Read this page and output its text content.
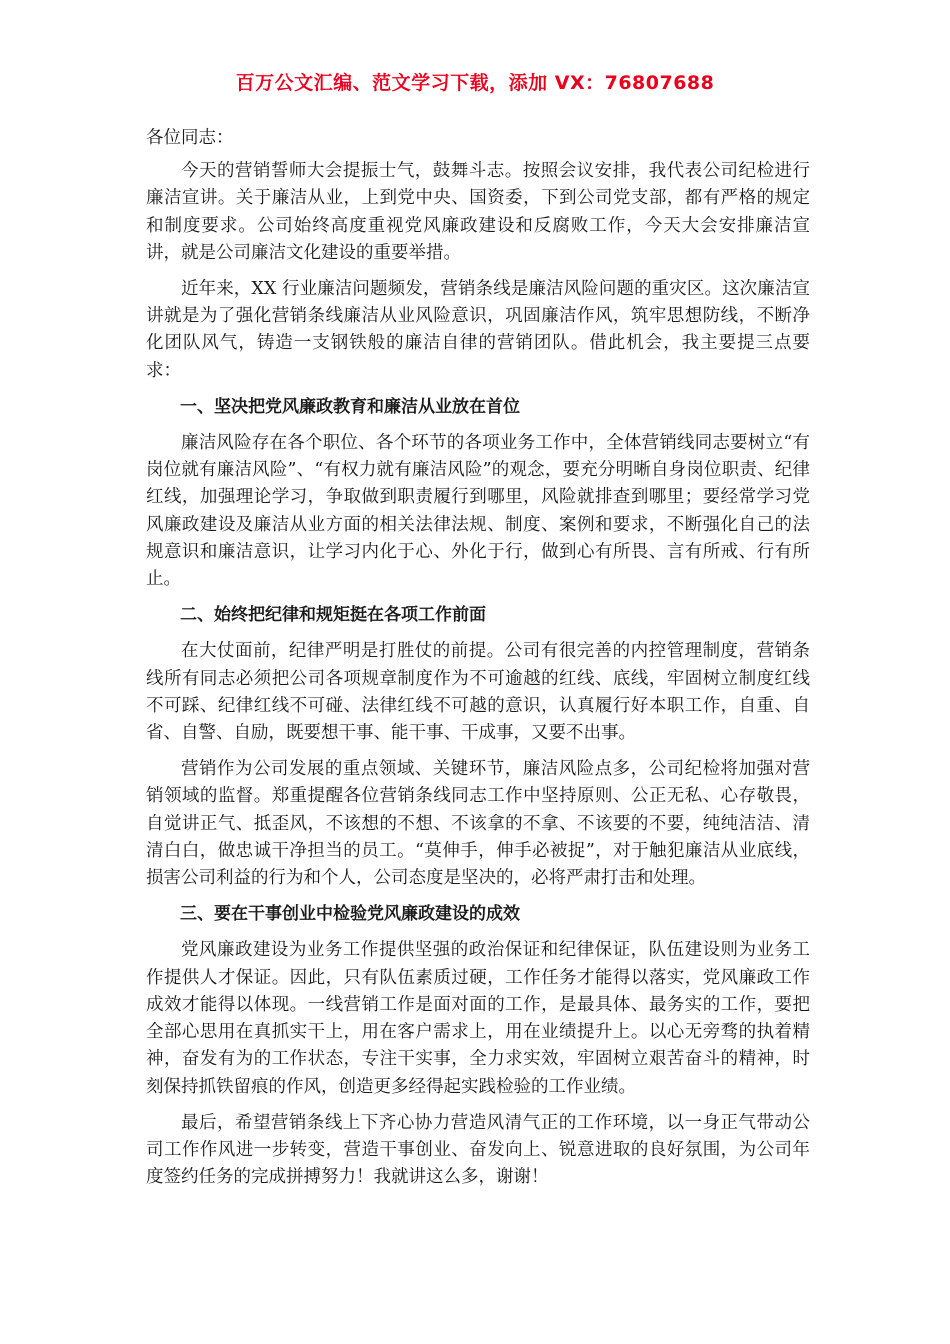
百万公文汇编、范文学习下载，添加 VX：76807688

各位同志：

今天的营销誓师大会提振士气，鼓舞斗志。按照会议安排，我代表公司纪检进行廉洁宣讲。关于廉洁从业，上到党中央、国资委，下到公司党支部，都有严格的规定和制度要求。公司始终高度重视党风廉政建设和反腐败工作，今天大会安排廉洁宣讲，就是公司廉洁文化建设的重要举措。

近年来，XX 行业廉洁问题频发，营销条线是廉洁风险问题的重灾区。这次廉洁宣讲就是为了强化营销条线廉洁从业风险意识，巩固廉洁作风，筑牢思想防线，不断净化团队风气，铸造一支钢铁般的廉洁自律的营销团队。借此机会，我主要提三点要求：

一、坚决把党风廉政教育和廉洁从业放在首位

廉洁风险存在各个职位、各个环节的各项业务工作中，全体营销线同志要树立“有岗位就有廉洁风险”、“有权力就有廉洁风险”的观念，要充分明晰自身岗位职责、纪律红线，加强理论学习，争取做到职责履行到哪里，风险就排查到哪里；要经常学习党风廉政建设及廉洁从业方面的相关法律法规、制度、案例和要求，不断强化自己的法规意识和廉洁意识，让学习内化于心、外化于行，做到心有所畏、言有所戒、行有所止。

二、始终把纪律和规矩挺在各项工作前面

在大仗面前，纪律严明是打胜仗的前提。公司有很完善的内控管理制度，营销条线所有同志必须把公司各项规章制度作为不可逾越的红线、底线，牢固树立制度红线不可踩、纪律红线不可碰、法律红线不可越的意识，认真履行好本职工作，自重、自省、自警、自励，既要想干事、能干事、干成事，又要不出事。

营销作为公司发展的重点领域、关键环节，廉洁风险点多，公司纪检将加强对营销领域的监督。郑重提醒各位营销条线同志工作中坚持原则、公正无私、心存敬畏，自觉讲正气、抵歪风，不该想的不想、不该拿的不拿、不该要的不要，纯纯洁洁、清清白白，做忠诚干净担当的员工。“莫伸手，伸手必被捉”，对于触犯廉洁从业底线，损害公司利益的行为和个人，公司态度是坚决的，必将严肃打击和处理。

三、要在干事创业中检验党风廉政建设的成效

党风廉政建设为业务工作提供坚强的政治保证和纪律保证，队伍建设则为业务工作提供人才保证。因此，只有队伍素质过硬，工作任务才能得以落实，党风廉政工作成效才能得以体现。一线营销工作是面对面的工作，是最具体、最务实的工作，要把全部心思用在真抓实干上，用在客户需求上，用在业绩提升上。以心无旁骛的执着精神，奋发有为的工作状态，专注干实事，全力求实效，牢固树立艰苦奋斗的精神，时刻保持抓铁留痕的作风，创造更多经得起实践检验的工作业绩。

最后，希望营销条线上下齐心协力营造风清气正的工作环境，以一身正气带动公司工作作风进一步转变，营造干事创业、奋发向上、锐意进取的良好氛围，为公司年度签约任务的完成拼搏努力！我就讲这么多，谢谢！
